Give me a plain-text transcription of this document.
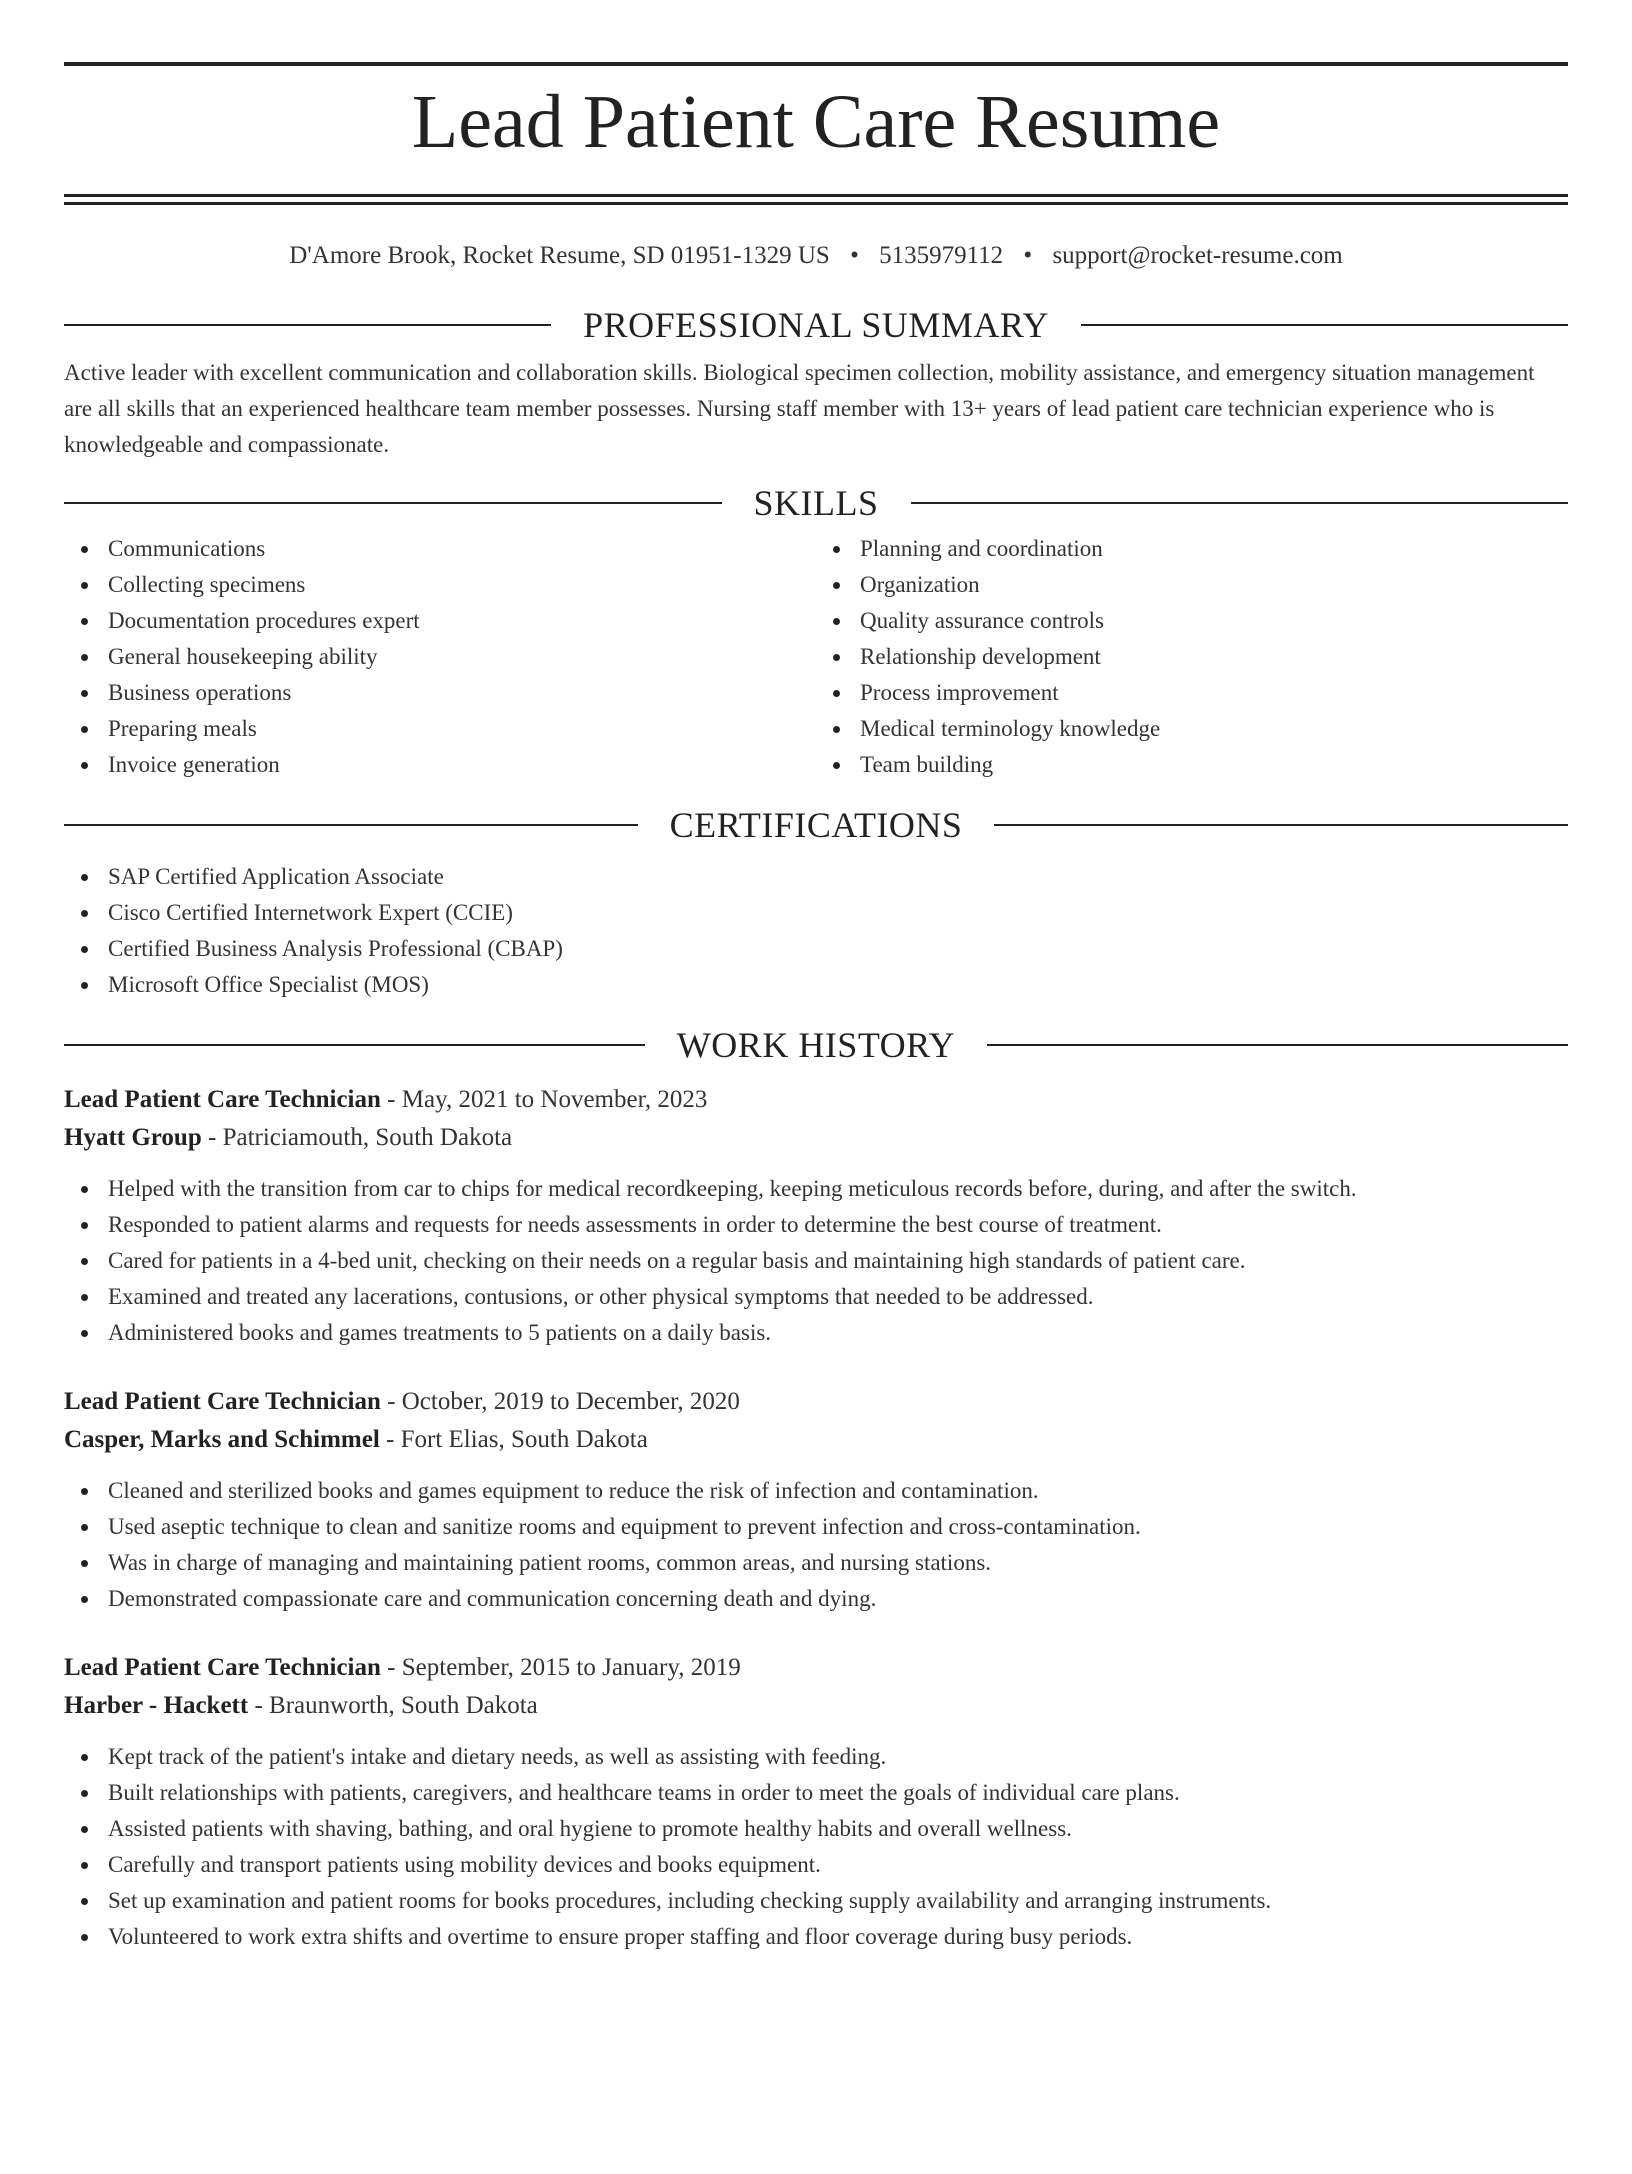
Lead Patient Care Resume
D'Amore Brook, Rocket Resume, SD 01951-1329 US • 5135979112 • support@rocket-resume.com
PROFESSIONAL SUMMARY

Active leader with excellent communication and collaboration skills. Biological specimen collection, mobility assistance, and emergency situation management are all skills that an experienced healthcare team member possesses. Nursing staff member with 13+ years of lead patient care technician experience who is knowledgeable and compassionate.

SKILLS
Communications
Collecting specimens
Documentation procedures expert
General housekeeping ability
Business operations
Preparing meals
Invoice generation
Planning and coordination
Organization
Quality assurance controls
Relationship development
Process improvement
Medical terminology knowledge
Team building
CERTIFICATIONS
SAP Certified Application Associate
Cisco Certified Internetwork Expert (CCIE)
Certified Business Analysis Professional (CBAP)
Microsoft Office Specialist (MOS)
WORK HISTORY
Lead Patient Care Technician - May, 2021 to November, 2023
Hyatt Group - Patriciamouth, South Dakota
Helped with the transition from car to chips for medical recordkeeping, keeping meticulous records before, during, and after the switch.
Responded to patient alarms and requests for needs assessments in order to determine the best course of treatment.
Cared for patients in a 4-bed unit, checking on their needs on a regular basis and maintaining high standards of patient care.
Examined and treated any lacerations, contusions, or other physical symptoms that needed to be addressed.
Administered books and games treatments to 5 patients on a daily basis.
Lead Patient Care Technician - October, 2019 to December, 2020
Casper, Marks and Schimmel - Fort Elias, South Dakota
Cleaned and sterilized books and games equipment to reduce the risk of infection and contamination.
Used aseptic technique to clean and sanitize rooms and equipment to prevent infection and cross-contamination.
Was in charge of managing and maintaining patient rooms, common areas, and nursing stations.
Demonstrated compassionate care and communication concerning death and dying.
Lead Patient Care Technician - September, 2015 to January, 2019
Harber - Hackett - Braunworth, South Dakota
Kept track of the patient's intake and dietary needs, as well as assisting with feeding.
Built relationships with patients, caregivers, and healthcare teams in order to meet the goals of individual care plans.
Assisted patients with shaving, bathing, and oral hygiene to promote healthy habits and overall wellness.
Carefully and transport patients using mobility devices and books equipment.
Set up examination and patient rooms for books procedures, including checking supply availability and arranging instruments.
Volunteered to work extra shifts and overtime to ensure proper staffing and floor coverage during busy periods.
